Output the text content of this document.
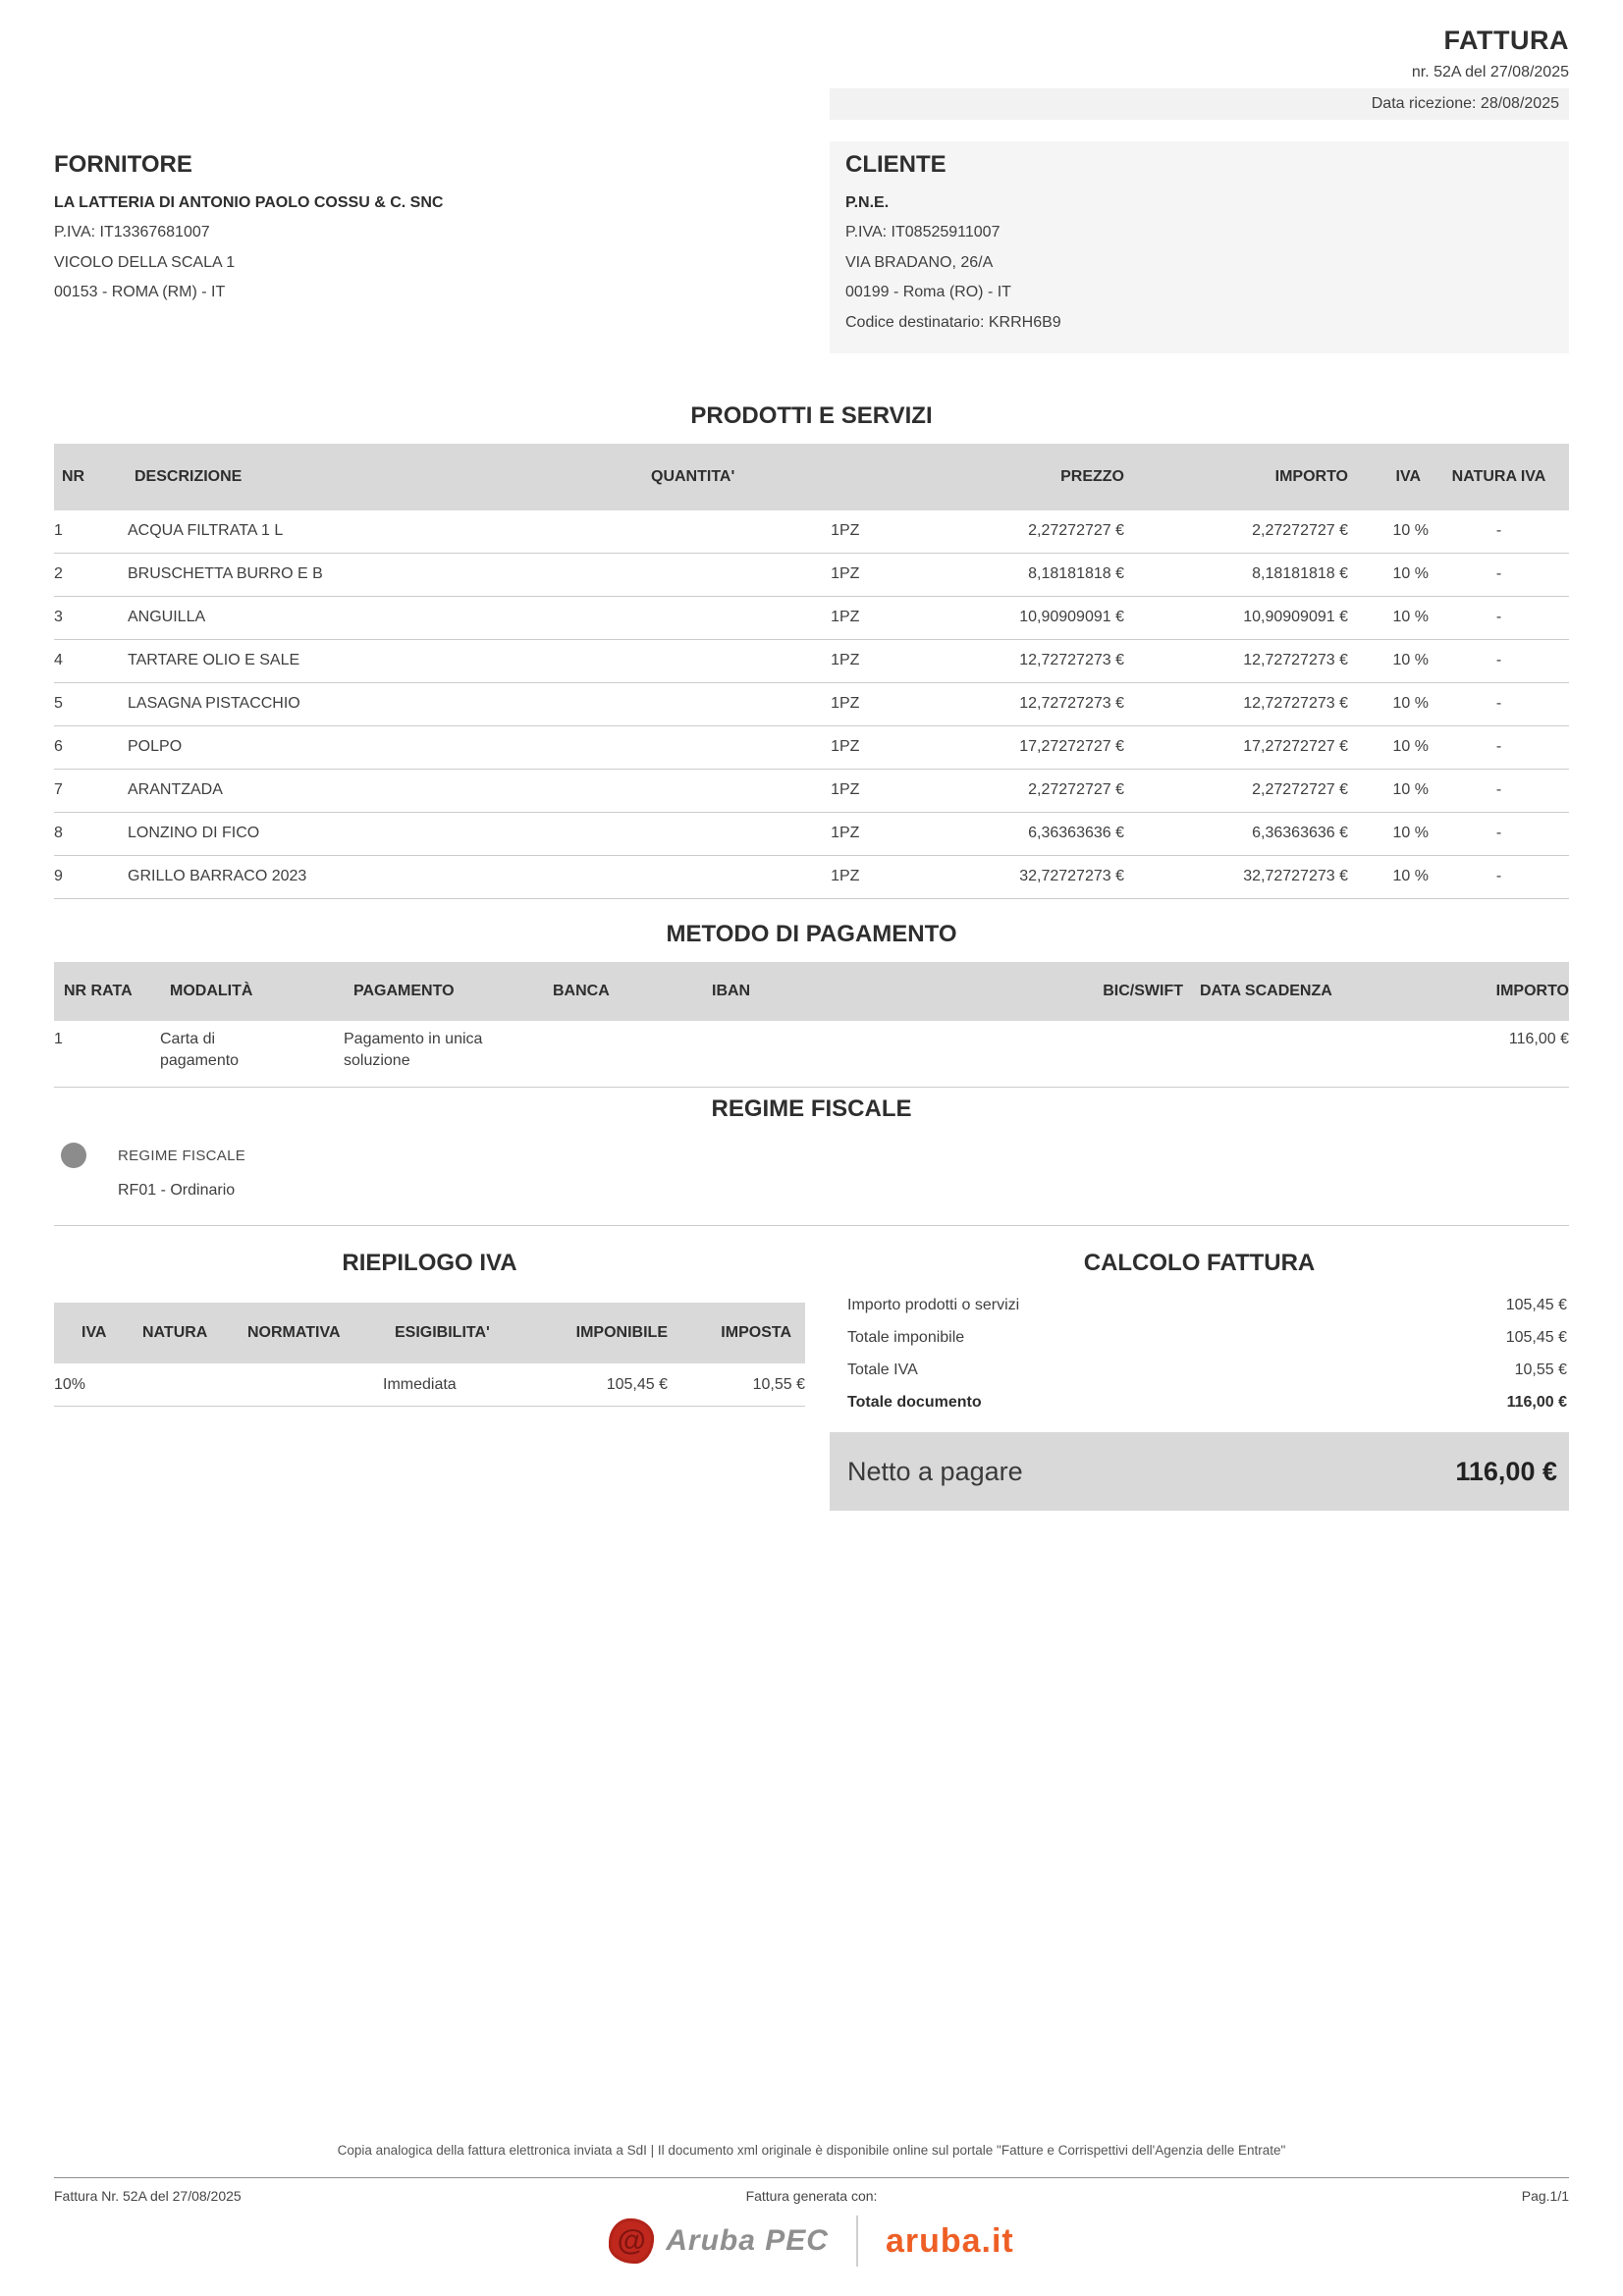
FATTURA
nr. 52A del 27/08/2025
Data ricezione: 28/08/2025
FORNITORE
LA LATTERIA DI ANTONIO PAOLO COSSU & C. SNC
P.IVA: IT13367681007
VICOLO DELLA SCALA 1
00153 - ROMA (RM) - IT
CLIENTE
P.N.E.
P.IVA: IT08525911007
VIA BRADANO, 26/A
00199 - Roma (RO) - IT
Codice destinatario: KRRH6B9
PRODOTTI E SERVIZI
NR	DESCRIZIONE	QUANTITA'		PREZZO	IMPORTO	IVA	NATURA IVA
1	ACQUA FILTRATA 1 L	1	PZ	2,27272727 €	2,27272727 €	10 %	-
2	BRUSCHETTA BURRO E B	1	PZ	8,18181818 €	8,18181818 €	10 %	-
3	ANGUILLA	1	PZ	10,90909091 €	10,90909091 €	10 %	-
4	TARTARE OLIO E SALE	1	PZ	12,72727273 €	12,72727273 €	10 %	-
5	LASAGNA PISTACCHIO	1	PZ	12,72727273 €	12,72727273 €	10 %	-
6	POLPO	1	PZ	17,27272727 €	17,27272727 €	10 %	-
7	ARANTZADA	1	PZ	2,27272727 €	2,27272727 €	10 %	-
8	LONZINO DI FICO	1	PZ	6,36363636 €	6,36363636 €	10 %	-
9	GRILLO BARRACO 2023	1	PZ	32,72727273 €	32,72727273 €	10 %	-
METODO DI PAGAMENTO
NR RATA	MODALITÀ	PAGAMENTO	BANCA	IBAN	BIC/SWIFT	DATA SCADENZA	IMPORTO
1	Carta di pagamento	Pagamento in unica soluzione					116,00 €
REGIME FISCALE
REGIME FISCALE
RF01 - Ordinario
RIEPILOGO IVA
IVA	NATURA	NORMATIVA	ESIGIBILITA'	IMPONIBILE	IMPOSTA
10%			Immediata	105,45 €	10,55 €
CALCOLO FATTURA
Importo prodotti o servizi	105,45 €
Totale imponibile	105,45 €
Totale IVA	10,55 €
Totale documento	116,00 €
Netto a pagare	116,00 €
Copia analogica della fattura elettronica inviata a SdI | Il documento xml originale è disponibile online sul portale "Fatture e Corrispettivi dell'Agenzia delle Entrate"
Fattura Nr. 52A del 27/08/2025	Fattura generata con:	Pag.1/1
@ Aruba PEC aruba.it
